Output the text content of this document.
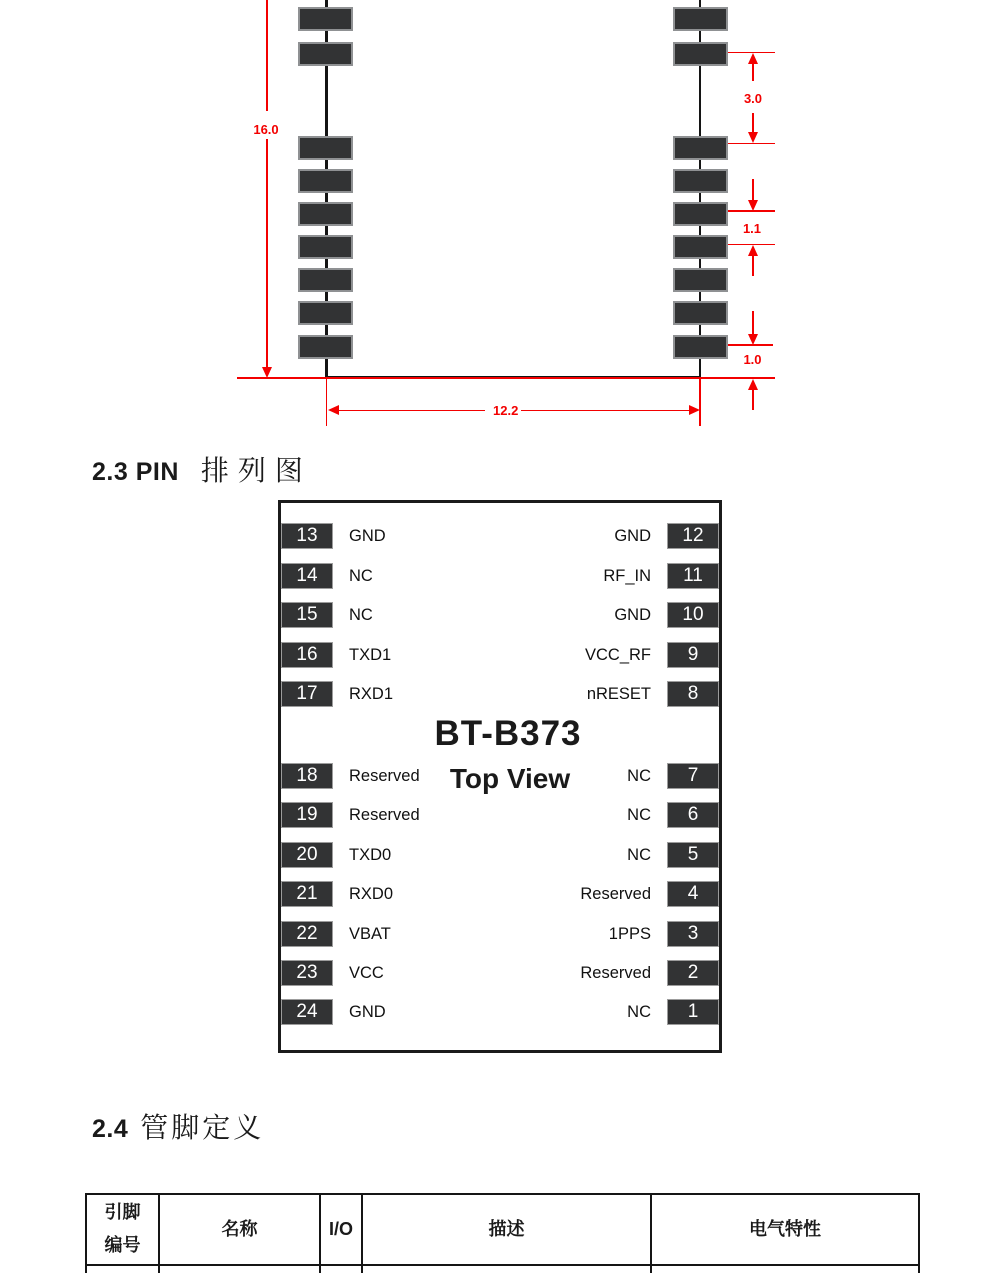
16.0
3.0
1.1
1.0
12.2
2.3 PIN 排列图
13	GND
14	NC
15	NC
16	TXD1
17	RXD1
18	Reserved
19	Reserved
20	TXD0
21	RXD0
22	VBAT
23	VCC
24	GND
12
GND
11
RF_IN
10
GND
9
VCC_RF
8
nRESET
7
NC
6
NC
5
NC
4
Reserved
3
1PPS
2
Reserved
1
NC
BT-B373
Top View
2.4 管脚定义
引脚
编号	名称	I/O	描述	电气特性
